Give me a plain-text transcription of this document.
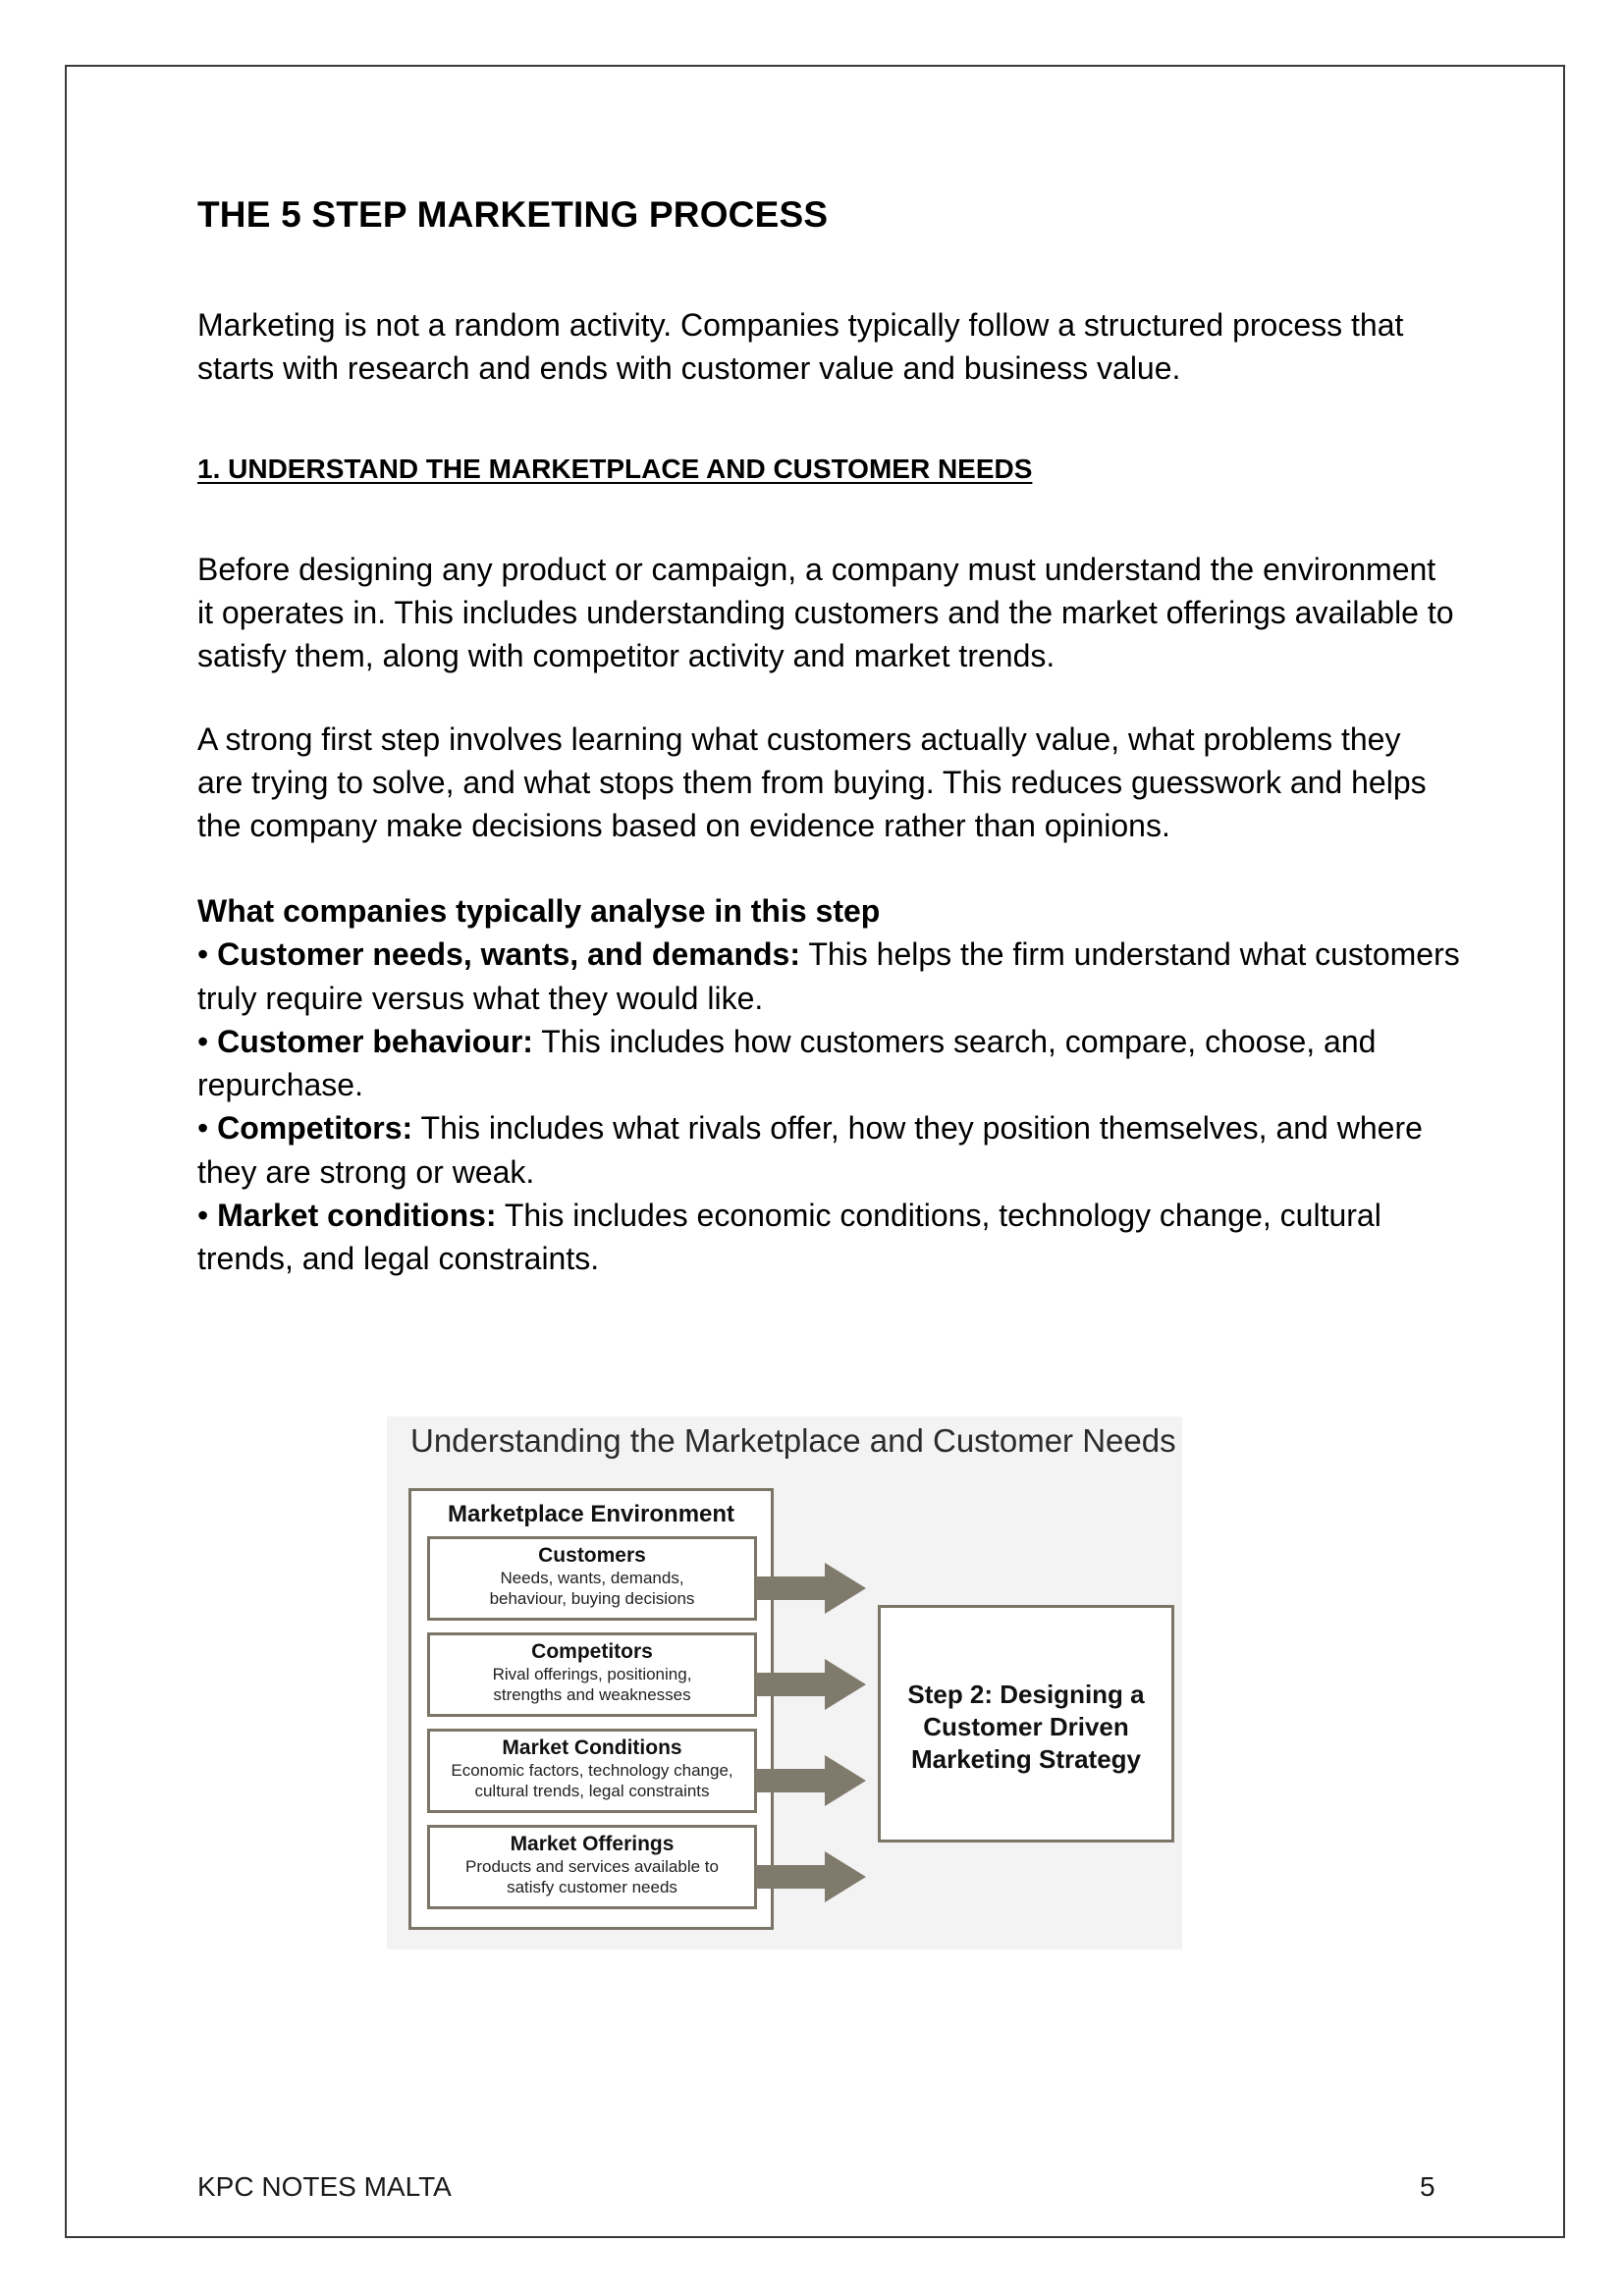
THE 5 STEP MARKETING PROCESS

Marketing is not a random activity. Companies typically follow a structured process that starts with research and ends with customer value and business value.

1. UNDERSTAND THE MARKETPLACE AND CUSTOMER NEEDS

Before designing any product or campaign, a company must understand the environment it operates in. This includes understanding customers and the market offerings available to satisfy them, along with competitor activity and market trends.

A strong first step involves learning what customers actually value, what problems they are trying to solve, and what stops them from buying. This reduces guesswork and helps the company make decisions based on evidence rather than opinions.

What companies typically analyse in this step

• Customer needs, wants, and demands: This helps the firm understand what customers truly require versus what they would like.

• Customer behaviour: This includes how customers search, compare, choose, and repurchase.

• Competitors: This includes what rivals offer, how they position themselves, and where they are strong or weak.

• Market conditions: This includes economic conditions, technology change, cultural trends, and legal constraints.

Understanding the Marketplace and Customer Needs
Marketplace Environment
Customers
Needs, wants, demands,
behaviour, buying decisions
Competitors
Rival offerings, positioning,
strengths and weaknesses
Market Conditions
Economic factors, technology change,
cultural trends, legal constraints
Market Offerings
Products and services available to
satisfy customer needs
Step 2: Designing a
Customer Driven
Marketing Strategy
KPC NOTES MALTA	5
